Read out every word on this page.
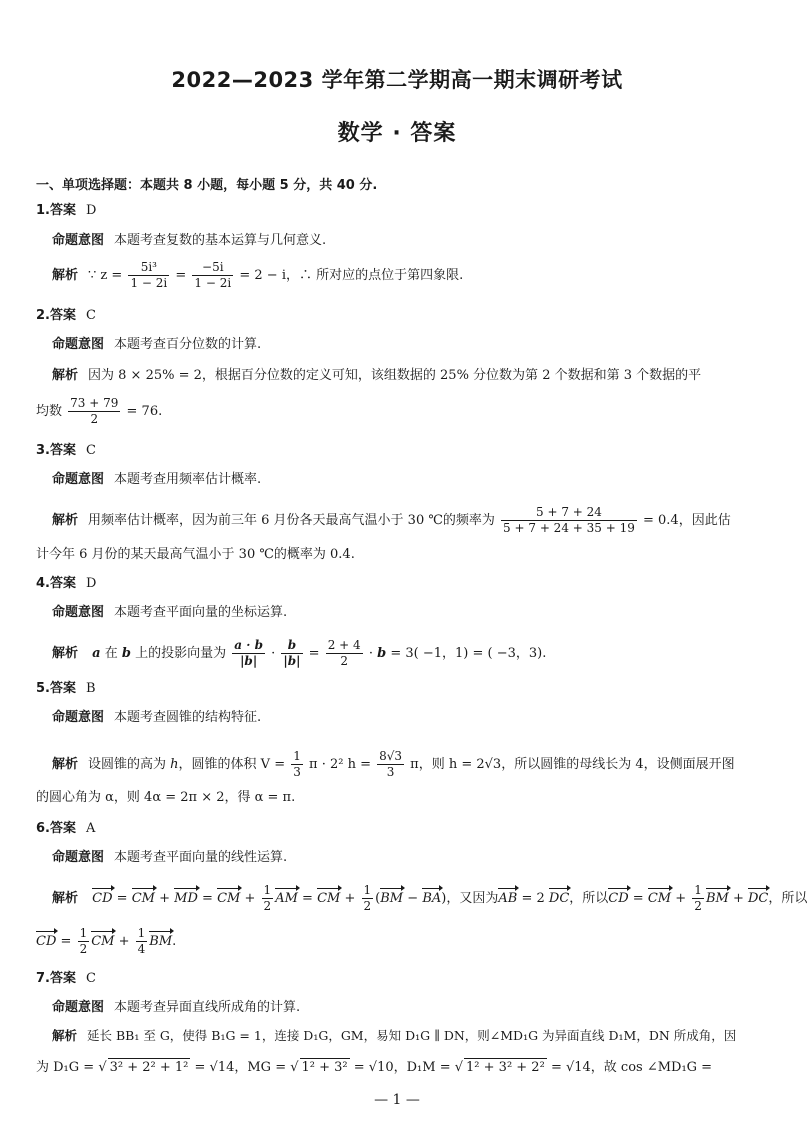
2022—2023 学年第二学期高一期末调研考试
数学 · 答案
一、单项选择题：本题共 8 小题，每小题 5 分，共 40 分.
1.答案 D
命题意图 本题考查复数的基本运算与几何意义.
解析 ∵ $z = \frac{\text{5i³}}{1 - 2i} = \frac{-5i}{1 - 2i} = 2 - i$，∴ 所对应的点位于第四象限.
2.答案 C
命题意图 本题考查百分位数的计算.
解析 因为 8 × 25% = 2，根据百分位数的定义可知，该组数据的 25% 分位数为第 2 个数据和第 3 个数据的平
均数 $\frac{73 + 79}{2} = 76$.
3.答案 C
命题意图 本题考查用频率估计概率.
解析 用频率估计概率，因为前三年 6 月份各天最高气温小于 30 ℃的频率为 $\frac{5 + 7 + 24}{5 + 7 + 24 + 35 + 19} = 0.4$，因此估
计今年 6 月份的某天最高气温小于 30 ℃的概率为 0.4.
4.答案 D
命题意图 本题考查平面向量的坐标运算.
解析 a 在 b 上的投影向量为 $\frac{a \cdot b}{|b|} \cdot \frac{b}{|b|} = \frac{2 + 4}{2} \cdot b = 3( -1$，1) = ( −3，3).
5.答案 B
命题意图 本题考查圆锥的结构特征.
解析 设圆锥的高为 h，圆锥的体积 $V = \frac{1}{3}$ π · 2² $h = \frac{8√3}{3}$ π，则 h = 2√3，所以圆锥的母线长为 4，设侧面展开图
的圆心角为 α，则 4α = 2π × 2，得 α = π.
6.答案 A
命题意图 本题考查平面向量的线性运算.
解析 CD = CM + MD = CM + $\frac{1}{2}$ AM = CM + $\frac{1}{2} (BM - BA)$，又因为AB = 2 DC，所以CD = CM + $\frac{1}{2}$ BM + DC，所以
CD = $\frac{1}{2}$ CM + $\frac{1}{4}$ BM.
7.答案 C
命题意图 本题考查异面直线所成角的计算.
解析 延长 BB₁ 至 G，使得 B₁G = 1，连接 D₁G，GM，易知 D₁G ∥ DN，则∠MD₁G 为异面直线 D₁M，DN 所成角，因
为 D₁G = √ 3² + 2² + 1² = √14，MG = √ 1² + 3² = √10，D₁M = √ 1² + 3² + 2² = √14，故 cos ∠MD₁G =
— 1 —
